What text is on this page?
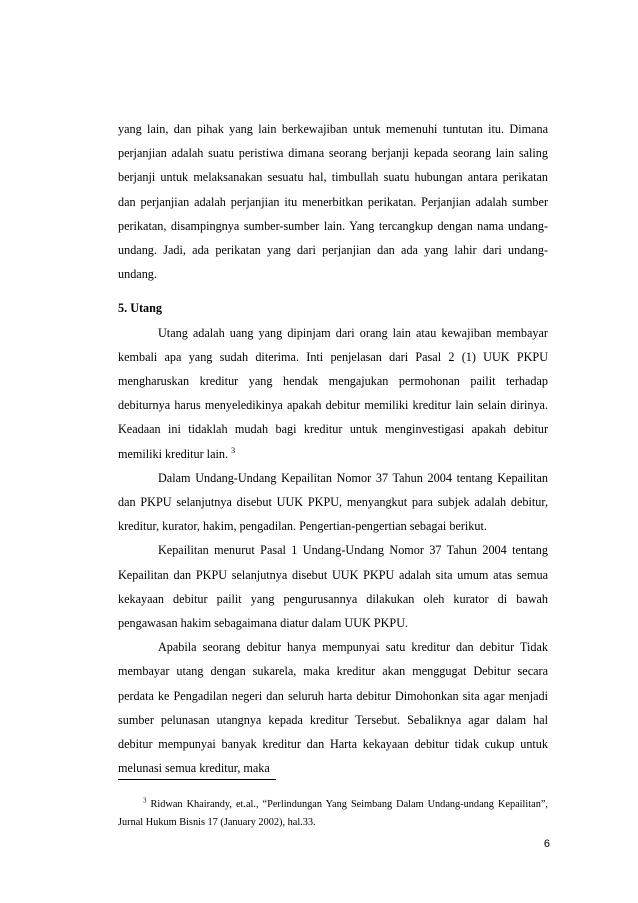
yang lain, dan pihak yang lain berkewajiban untuk memenuhi tuntutan itu. Dimana perjanjian adalah suatu peristiwa dimana seorang berjanji kepada seorang lain saling berjanji untuk melaksanakan sesuatu hal, timbullah suatu hubungan antara perikatan dan perjanjian adalah perjanjian itu menerbitkan perikatan. Perjanjian adalah sumber perikatan, disampingnya sumber-sumber lain. Yang tercangkup dengan nama undang-undang. Jadi, ada perikatan yang dari perjanjian dan ada yang lahir dari undang-undang.

5. Utang

Utang adalah uang yang dipinjam dari orang lain atau kewajiban membayar kembali apa yang sudah diterima. Inti penjelasan dari Pasal 2 (1) UUK PKPU mengharuskan kreditur yang hendak mengajukan permohonan pailit terhadap debiturnya harus menyeledikinya apakah debitur memiliki kreditur lain selain dirinya. Keadaan ini tidaklah mudah bagi kreditur untuk menginvestigasi apakah debitur memiliki kreditur lain. $^3$

Dalam Undang-Undang Kepailitan Nomor 37 Tahun 2004 tentang Kepailitan dan PKPU selanjutnya disebut UUK PKPU, menyangkut para subjek adalah debitur, kreditur, kurator, hakim, pengadilan. Pengertian-pengertian sebagai berikut.

Kepailitan menurut Pasal 1 Undang-Undang Nomor 37 Tahun 2004 tentang Kepailitan dan PKPU selanjutnya disebut UUK PKPU adalah sita umum atas semua kekayaan debitur pailit yang pengurusannya dilakukan oleh kurator di bawah pengawasan hakim sebagaimana diatur dalam UUK PKPU.

Apabila seorang debitur hanya mempunyai satu kreditur dan debitur Tidak membayar utang dengan sukarela, maka kreditur akan menggugat Debitur secara perdata ke Pengadilan negeri dan seluruh harta debitur Dimohonkan sita agar menjadi sumber pelunasan utangnya kepada kreditur Tersebut. Sebaliknya agar dalam hal debitur mempunyai banyak kreditur dan Harta kekayaan debitur tidak cukup untuk melunasi semua kreditur, maka

$^3$ Ridwan Khairandy, et.al., “Perlindungan Yang Seimbang Dalam Undang-undang Kepailitan”, Jurnal Hukum Bisnis 17 (January 2002), hal.33.

6
